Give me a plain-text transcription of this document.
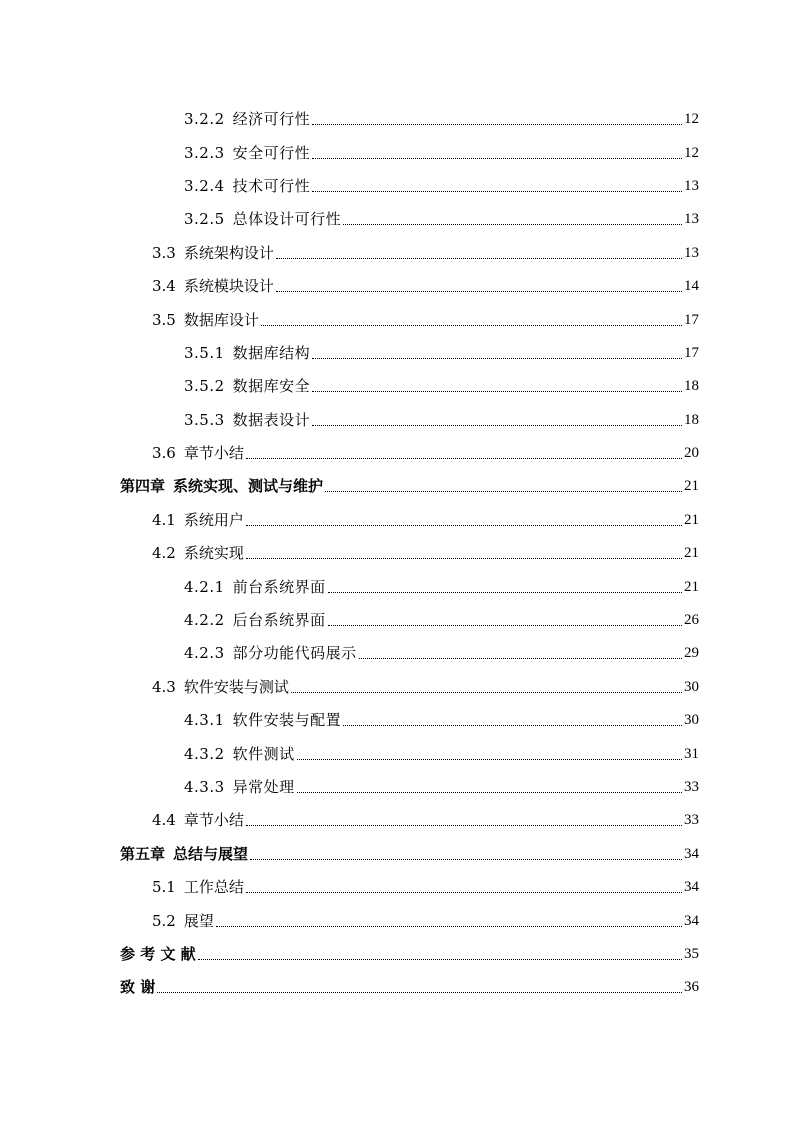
3.2.2 经济可行性	12
3.2.3 安全可行性	12
3.2.4 技术可行性	13
3.2.5 总体设计可行性	13
3.3 系统架构设计	13
3.4 系统模块设计	14
3.5 数据库设计	17
3.5.1 数据库结构	17
3.5.2 数据库安全	18
3.5.3 数据表设计	18
3.6 章节小结	20
第四章 系统实现、测试与维护	21
4.1 系统用户	21
4.2 系统实现	21
4.2.1 前台系统界面	21
4.2.2 后台系统界面	26
4.2.3 部分功能代码展示	29
4.3 软件安装与测试	30
4.3.1 软件安装与配置	30
4.3.2 软件测试	31
4.3.3 异常处理	33
4.4 章节小结	33
第五章 总结与展望	34
5.1 工作总结	34
5.2 展望	34
参 考 文 献	35
致 谢	36
